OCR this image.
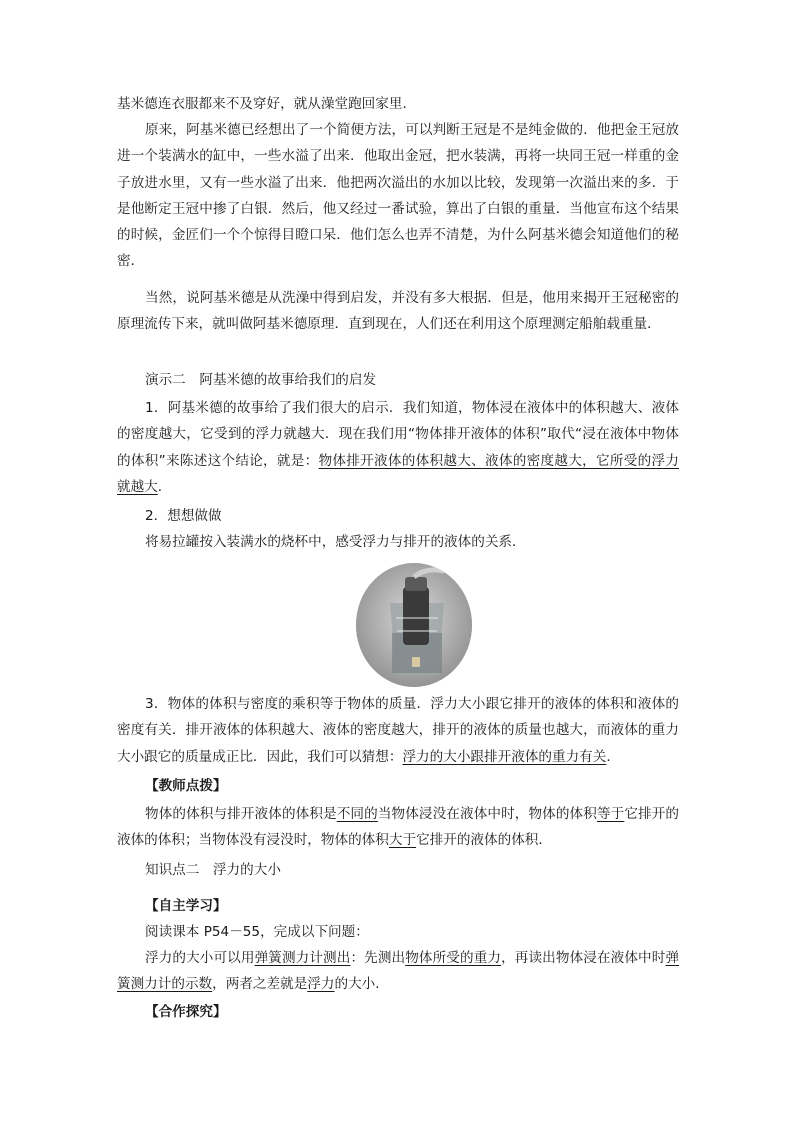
基米德连衣服都来不及穿好，就从澡堂跑回家里．
原来，阿基米德已经想出了一个简便方法，可以判断王冠是不是纯金做的．他把金王冠放进一个装满水的缸中，一些水溢了出来．他取出金冠，把水装满，再将一块同王冠一样重的金子放进水里，又有一些水溢了出来．他把两次溢出的水加以比较，发现第一次溢出来的多．于是他断定王冠中掺了白银．然后，他又经过一番试验，算出了白银的重量．当他宣布这个结果的时候，金匠们一个个惊得目瞪口呆．他们怎么也弄不清楚，为什么阿基米德会知道他们的秘密．
当然，说阿基米德是从洗澡中得到启发，并没有多大根据．但是，他用来揭开王冠秘密的原理流传下来，就叫做阿基米德原理．直到现在，人们还在利用这个原理测定船舶载重量．
演示二　阿基米德的故事给我们的启发
1．阿基米德的故事给了我们很大的启示．我们知道，物体浸在液体中的体积越大、液体的密度越大，它受到的浮力就越大．现在我们用“物体排开液体的体积”取代“浸在液体中物体的体积”来陈述这个结论，就是：物体排开液体的体积越大、液体的密度越大，它所受的浮力就越大.
2．想想做做
将易拉罐按入装满水的烧杯中，感受浮力与排开的液体的关系．
3．物体的体积与密度的乘积等于物体的质量．浮力大小跟它排开的液体的体积和液体的密度有关．排开液体的体积越大、液体的密度越大，排开的液体的质量也越大，而液体的重力大小跟它的质量成正比．因此，我们可以猜想：浮力的大小跟排开液体的重力有关.
【教师点拨】
物体的体积与排开液体的体积是不同的当物体浸没在液体中时，物体的体积等于它排开的液体的体积；当物体没有浸没时，物体的体积大于它排开的液体的体积．
知识点二　浮力的大小
【自主学习】
阅读课本 P54－55，完成以下问题：
浮力的大小可以用弹簧测力计测出：先测出物体所受的重力，再读出物体浸在液体中时弹簧测力计的示数，两者之差就是浮力的大小．
【合作探究】
